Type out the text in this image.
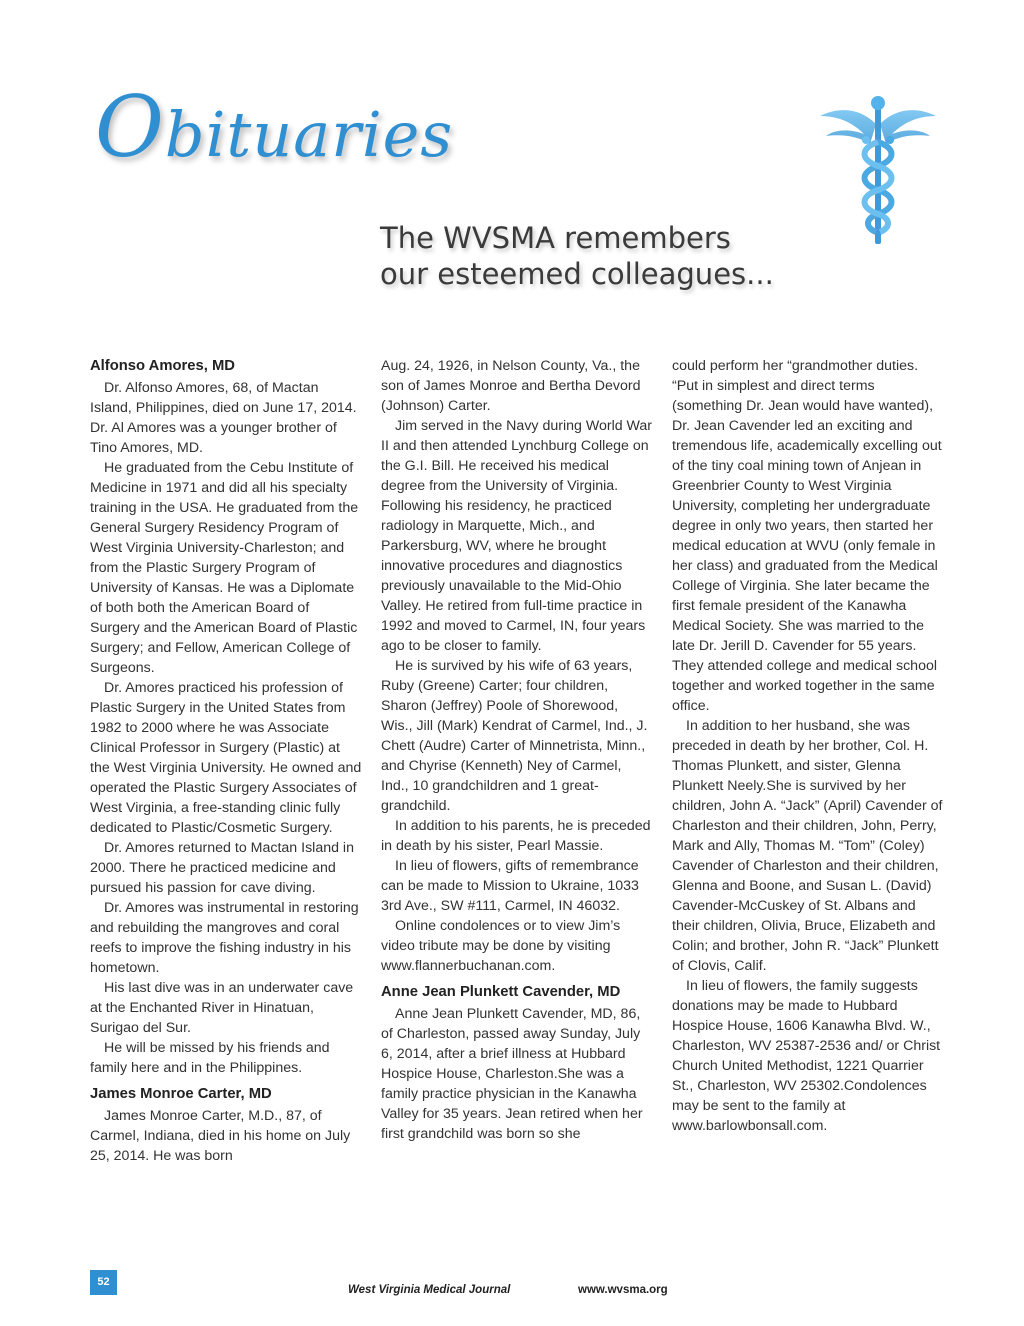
Obituaries
The WVSMA remembers
our esteemed colleagues...
Alfonso Amores, MD

Dr. Alfonso Amores, 68, of Mactan Island, Philippines, died on June 17, 2014. Dr. Al Amores was a younger brother of Tino Amores, MD.

He graduated from the Cebu Institute of Medicine in 1971 and did all his specialty training in the USA. He graduated from the General Surgery Residency Program of West Virginia University-Charleston; and from the Plastic Surgery Program of University of Kansas. He was a Diplomate of both both the American Board of Surgery and the American Board of Plastic Surgery; and Fellow, American College of Surgeons.

Dr. Amores practiced his profession of Plastic Surgery in the United States from 1982 to 2000 where he was Associate Clinical Professor in Surgery (Plastic) at the West Virginia University. He owned and operated the Plastic Surgery Associates of West Virginia, a free-standing clinic fully dedicated to Plastic/Cosmetic Surgery.

Dr. Amores returned to Mactan Island in 2000. There he practiced medicine and pursued his passion for cave diving.

Dr. Amores was instrumental in restoring and rebuilding the mangroves and coral reefs to improve the fishing industry in his hometown.

His last dive was in an underwater cave at the Enchanted River in Hinatuan, Surigao del Sur.

He will be missed by his friends and family here and in the Philippines.

James Monroe Carter, MD

James Monroe Carter, M.D., 87, of Carmel, Indiana, died in his home on July 25, 2014. He was born

Aug. 24, 1926, in Nelson County, Va., the son of James Monroe and Bertha Devord (Johnson) Carter.

Jim served in the Navy during World War II and then attended Lynchburg College on the G.I. Bill. He received his medical degree from the University of Virginia. Following his residency, he practiced radiology in Marquette, Mich., and Parkersburg, WV, where he brought innovative procedures and diagnostics previously unavailable to the Mid-Ohio Valley. He retired from full-time practice in 1992 and moved to Carmel, IN, four years ago to be closer to family.

He is survived by his wife of 63 years, Ruby (Greene) Carter; four children, Sharon (Jeffrey) Poole of Shorewood, Wis., Jill (Mark) Kendrat of Carmel, Ind., J. Chett (Audre) Carter of Minnetrista, Minn., and Chyrise (Kenneth) Ney of Carmel, Ind., 10 grandchildren and 1 great-grandchild.

In addition to his parents, he is preceded in death by his sister, Pearl Massie.

In lieu of flowers, gifts of remembrance can be made to Mission to Ukraine, 1033 3rd Ave., SW #111, Carmel, IN 46032.

Online condolences or to view Jim’s video tribute may be done by visiting www.flannerbuchanan.com.

Anne Jean Plunkett Cavender, MD

Anne Jean Plunkett Cavender, MD, 86, of Charleston, passed away Sunday, July 6, 2014, after a brief illness at Hubbard Hospice House, Charleston.She was a family practice physician in the Kanawha Valley for 35 years. Jean retired when her first grandchild was born so she

could perform her “grandmother duties. “Put in simplest and direct terms (something Dr. Jean would have wanted), Dr. Jean Cavender led an exciting and tremendous life, academically excelling out of the tiny coal mining town of Anjean in Greenbrier County to West Virginia University, completing her undergraduate degree in only two years, then started her medical education at WVU (only female in her class) and graduated from the Medical College of Virginia. She later became the first female president of the Kanawha Medical Society. She was married to the late Dr. Jerill D. Cavender for 55 years. They attended college and medical school together and worked together in the same office.

In addition to her husband, she was preceded in death by her brother, Col. H. Thomas Plunkett, and sister, Glenna Plunkett Neely.She is survived by her children, John A. “Jack” (April) Cavender of Charleston and their children, John, Perry, Mark and Ally, Thomas M. “Tom” (Coley) Cavender of Charleston and their children, Glenna and Boone, and Susan L. (David) Cavender-McCuskey of St. Albans and their children, Olivia, Bruce, Elizabeth and Colin; and brother, John R. “Jack” Plunkett of Clovis, Calif.

In lieu of flowers, the family suggests donations may be made to Hubbard Hospice House, 1606 Kanawha Blvd. W., Charleston, WV 25387-2536 and/ or Christ Church United Methodist, 1221 Quarrier St., Charleston, WV 25302.Condolences may be sent to the family at www.barlowbonsall.com.

52
West Virginia Medical Journal	www.wvsma.org
